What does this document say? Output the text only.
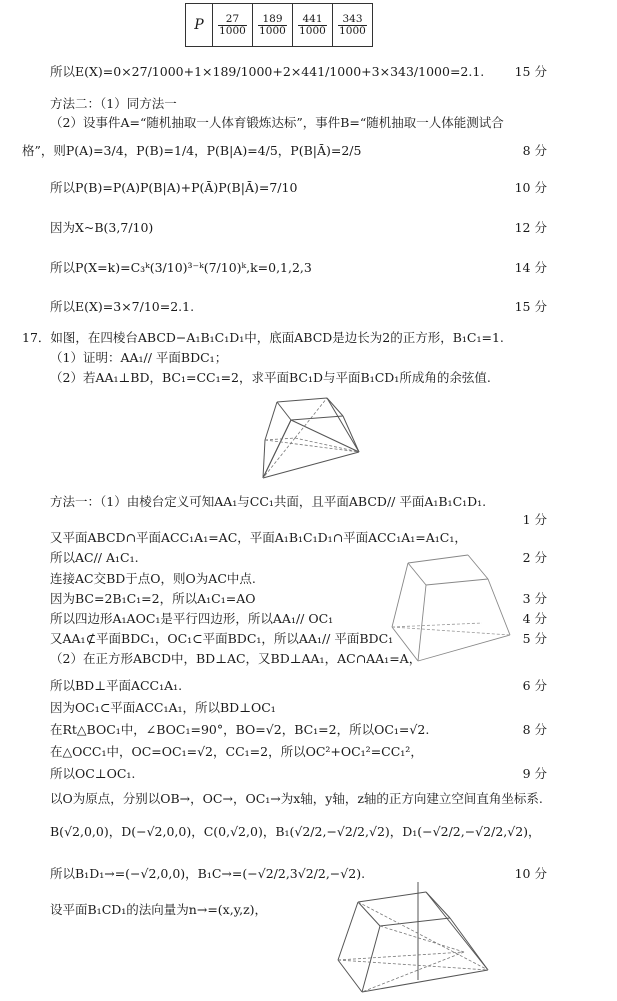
P	$\frac{27}{1000}$	$\frac{189}{1000}$	$\frac{441}{1000}$	$\frac{343}{1000}$
所以E(X)=0×27/1000+1×189/1000+2×441/1000+3×343/1000=2.1.	15 分
方法二：（1）同方法一
（2）设事件A=“随机抽取一人体育锻炼达标”，事件B=“随机抽取一人体能测试合
格”，则P(A)=3/4，P(B)=1/4，P(B|A)=4/5，P(B|Ā)=2/5	8 分
所以P(B)=P(A)P(B|A)+P(Ā)P(B|Ā)=7/10	10 分
因为X~B(3,7/10)	12 分
所以P(X=k)=C₃ᵏ(3/10)³⁻ᵏ(7/10)ᵏ,k=0,1,2,3	14 分
所以E(X)=3×7/10=2.1.	15 分
17．如图，在四棱台ABCD−A₁B₁C₁D₁中，底面ABCD是边长为2的正方形，B₁C₁=1.
（1）证明：AA₁// 平面BDC₁；
（2）若AA₁⊥BD，BC₁=CC₁=2，求平面BC₁D与平面B₁CD₁所成角的余弦值.
方法一：（1）由棱台定义可知AA₁与CC₁共面，且平面ABCD// 平面A₁B₁C₁D₁.
1 分
又平面ABCD∩平面ACC₁A₁=AC，平面A₁B₁C₁D₁∩平面ACC₁A₁=A₁C₁，
所以AC// A₁C₁.	2 分
连接AC交BD于点O，则O为AC中点.
因为BC=2B₁C₁=2，所以A₁C₁=AO	3 分
所以四边形A₁AOC₁是平行四边形，所以AA₁// OC₁	4 分
又AA₁⊄平面BDC₁，OC₁⊂平面BDC₁，所以AA₁// 平面BDC₁	5 分
（2）在正方形ABCD中，BD⊥AC，又BD⊥AA₁，AC∩AA₁=A，
所以BD⊥平面ACC₁A₁.	6 分
因为OC₁⊂平面ACC₁A₁，所以BD⊥OC₁
在Rt△BOC₁中，∠BOC₁=90°，BO=√2，BC₁=2，所以OC₁=√2.	8 分
在△OCC₁中，OC=OC₁=√2，CC₁=2，所以OC²+OC₁²=CC₁²，
所以OC⊥OC₁.	9 分
以O为原点，分别以OB→，OC→，OC₁→为x轴，y轴，z轴的正方向建立空间直角坐标系.
B(√2,0,0)，D(−√2,0,0)，C(0,√2,0)，B₁(√2/2,−√2/2,√2)，D₁(−√2/2,−√2/2,√2)，
所以B₁D₁→=(−√2,0,0)，B₁C→=(−√2/2,3√2/2,−√2).	10 分
设平面B₁CD₁的法向量为n→=(x,y,z)，
